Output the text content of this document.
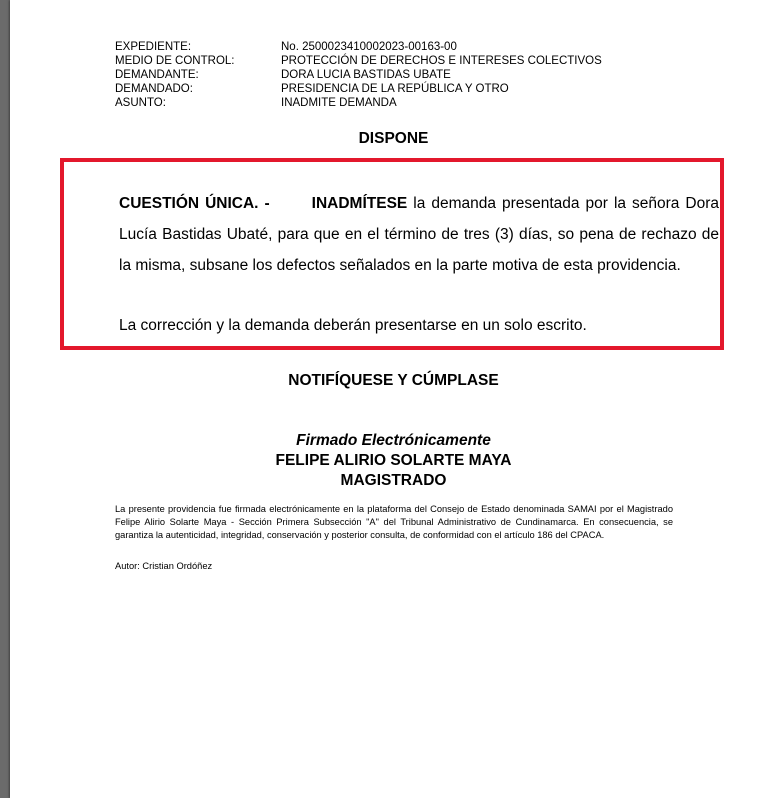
EXPEDIENTE:	No. 2500023410002023-00163-00
MEDIO DE CONTROL:	PROTECCIÓN DE DERECHOS E INTERESES COLECTIVOS
DEMANDANTE:	DORA LUCIA BASTIDAS UBATE
DEMANDADO:	PRESIDENCIA DE LA REPÚBLICA Y OTRO
ASUNTO:	INADMITE DEMANDA
DISPONE
CUESTIÓN ÚNICA. -	INADMÍTESE la demanda presentada por la señora Dora Lucía Bastidas Ubaté, para que en el término de tres (3) días, so pena de rechazo de la misma, subsane los defectos señalados en la parte motiva de esta providencia.
La corrección y la demanda deberán presentarse en un solo escrito.
NOTIFÍQUESE Y CÚMPLASE
Firmado Electrónicamente
FELIPE ALIRIO SOLARTE MAYA
MAGISTRADO
La presente providencia fue firmada electrónicamente en la plataforma del Consejo de Estado denominada SAMAI por el Magistrado Felipe Alirio Solarte Maya - Sección Primera Subsección "A" del Tribunal Administrativo de Cundinamarca. En consecuencia, se garantiza la autenticidad, integridad, conservación y posterior consulta, de conformidad con el artículo 186 del CPACA.
Autor: Cristian Ordóñez
